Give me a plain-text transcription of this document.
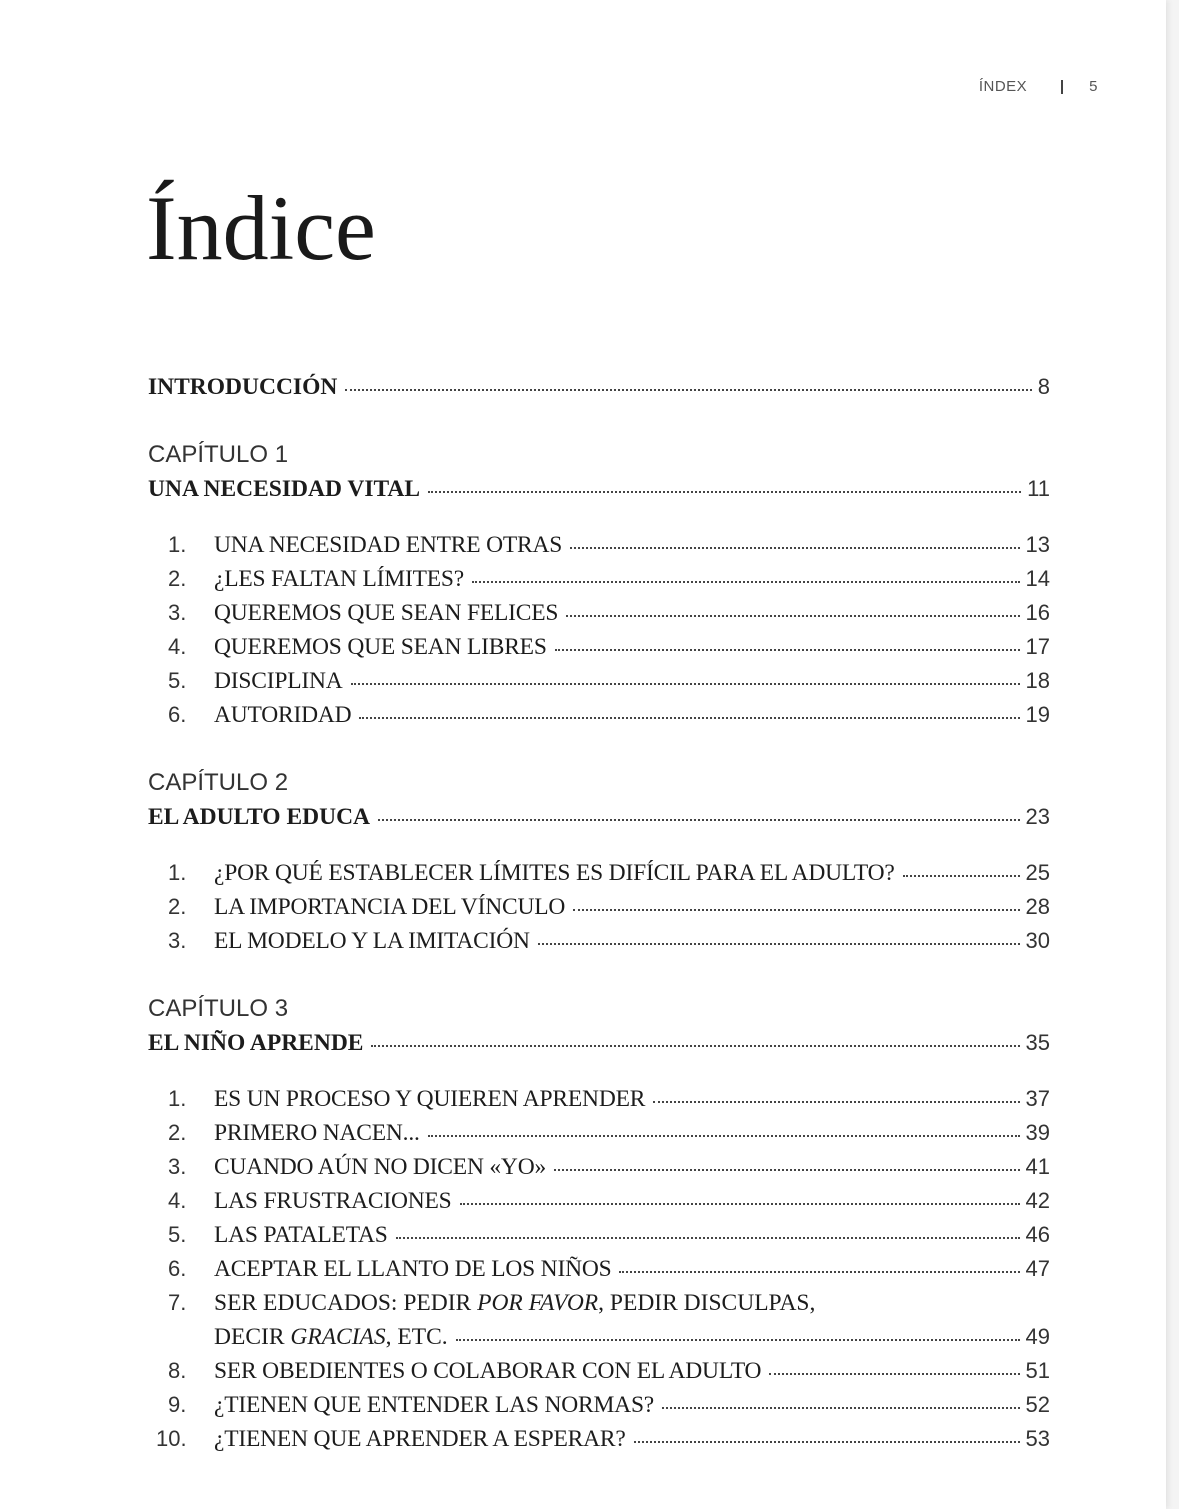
ÍNDEX	5
Índice
INTRODUCCIÓN	8
CAPÍTULO 1
UNA NECESIDAD VITAL	11
1.	UNA NECESIDAD ENTRE OTRAS	13
2.	¿LES FALTAN LÍMITES?	14
3.	QUEREMOS QUE SEAN FELICES	16
4.	QUEREMOS QUE SEAN LIBRES	17
5.	DISCIPLINA	18
6.	AUTORIDAD	19
CAPÍTULO 2
EL ADULTO EDUCA	23
1.	¿POR QUÉ ESTABLECER LÍMITES ES DIFÍCIL PARA EL ADULTO?	25
2.	LA IMPORTANCIA DEL VÍNCULO	28
3.	EL MODELO Y LA IMITACIÓN	30
CAPÍTULO 3
EL NIÑO APRENDE	35
1.	ES UN PROCESO Y QUIEREN APRENDER	37
2.	PRIMERO NACEN...	39
3.	CUANDO AÚN NO DICEN «YO»	41
4.	LAS FRUSTRACIONES	42
5.	LAS PATALETAS	46
6.	ACEPTAR EL LLANTO DE LOS NIÑOS	47
7. SER EDUCADOS: PEDIR POR FAVOR, PEDIR DISCULPAS,
DECIR GRACIAS, ETC.	49
8.	SER OBEDIENTES O COLABORAR CON EL ADULTO	51
9.	¿TIENEN QUE ENTENDER LAS NORMAS?	52
10.	¿TIENEN QUE APRENDER A ESPERAR?	53
